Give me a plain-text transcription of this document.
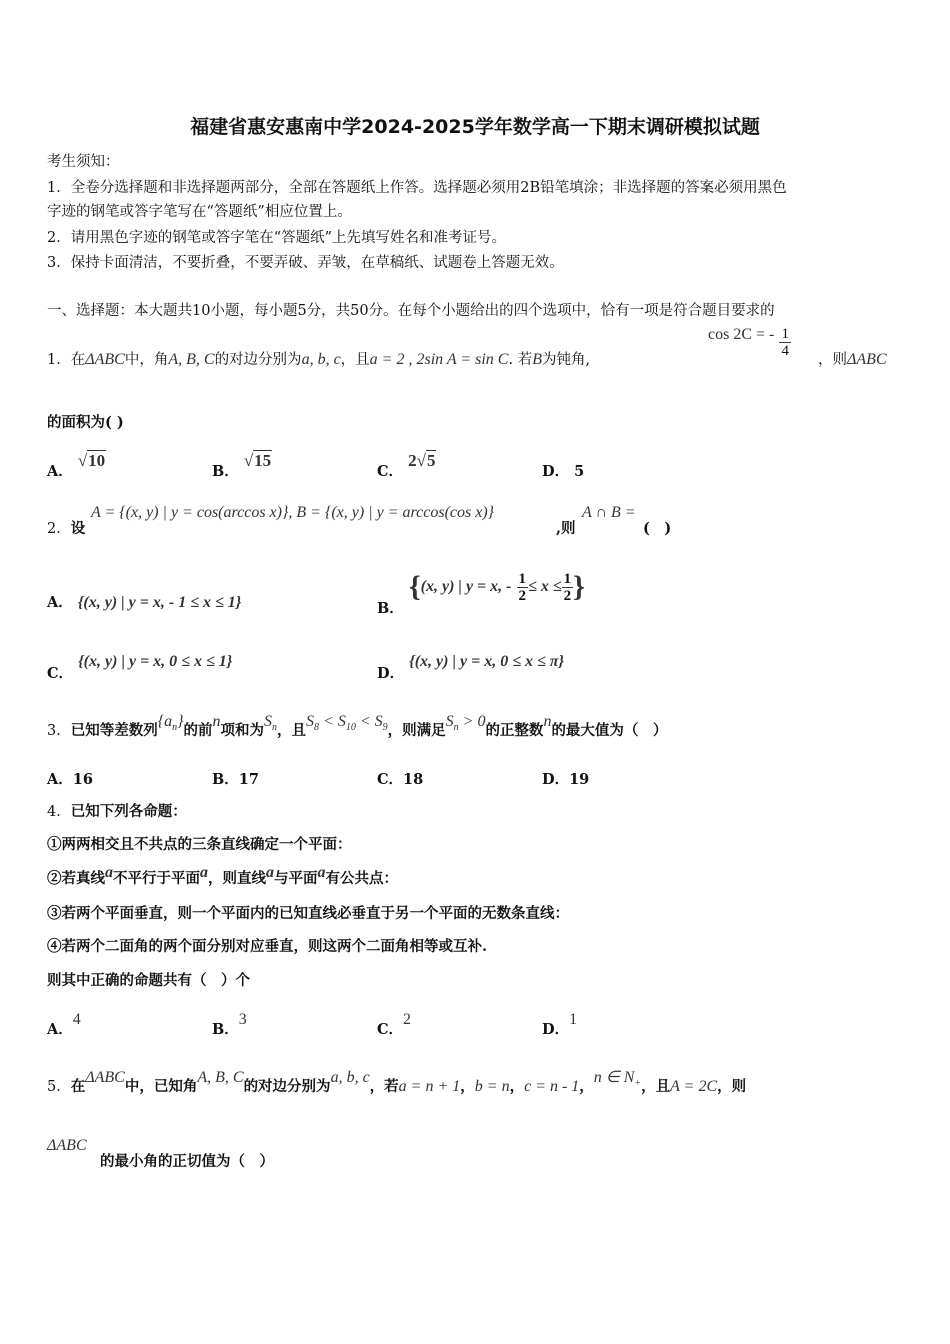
福建省惠安惠南中学2024-2025学年数学高一下期末调研模拟试题
考生须知：
1．全卷分选择题和非选择题两部分，全部在答题纸上作答。选择题必须用2B铅笔填涂；非选择题的答案必须用黑色
字迹的钢笔或答字笔写在“答题纸”相应位置上。
2．请用黑色字迹的钢笔或答字笔在“答题纸”上先填写姓名和准考证号。
3．保持卡面清洁，不要折叠，不要弄破、弄皱，在草稿纸、试题卷上答题无效。
一、选择题：本大题共10小题，每小题5分，共50分。在每个小题给出的四个选项中，恰有一项是符合题目要求的
1．在ΔABC中，角A, B, C的对边分别为a, b, c，且a = 2 , 2sin A = sin C. 若B为钝角,
cos 2C = - $\frac{1}{4}$
，则ΔABC
的面积为( )
A． √10
B． √15
C． 2√5
D． 5
2．设
A = {(x, y) | y = cos(arccos x)}, B = {(x, y) | y = arccos(cos x)}
,则
A ∩ B =
(　)
A． {(x, y) | y = x, - 1 ≤ x ≤ 1}	B． {(x, y) | y = x, - $\frac{1}{2} \le x \le \frac{1}{2}$ }
C． {(x, y) | y = x, 0 ≤ x ≤ 1}
D． {(x, y) | y = x, 0 ≤ x ≤ π}
3．已知等差数列$\{a_n\}$的前n项和为$S_n$，且$S_8 < S_{10} < S_9$，则满足$S_n > 0$的正整数n的最大值为（　）
A．16	B．17	C．18	D．19
4．已知下列各命题：
①两两相交且不共点的三条直线确定一个平面：
②若真线a不平行于平面a，则直线a与平面a有公共点：
③若两个平面垂直，则一个平面内的已知直线必垂直于另一个平面的无数条直线：
④若两个二面角的两个面分别对应垂直，则这两个二面角相等或互补.
则其中正确的命题共有（　）个
A．4
B．3
C．2
D．1
5．在ΔABC中，已知角A, B, C的对边分别为a, b, c，若a = n + 1，b = n，c = n - 1，n ∈ $N_+$，且A = 2C，则
ΔABC
的最小角的正切值为（　）
